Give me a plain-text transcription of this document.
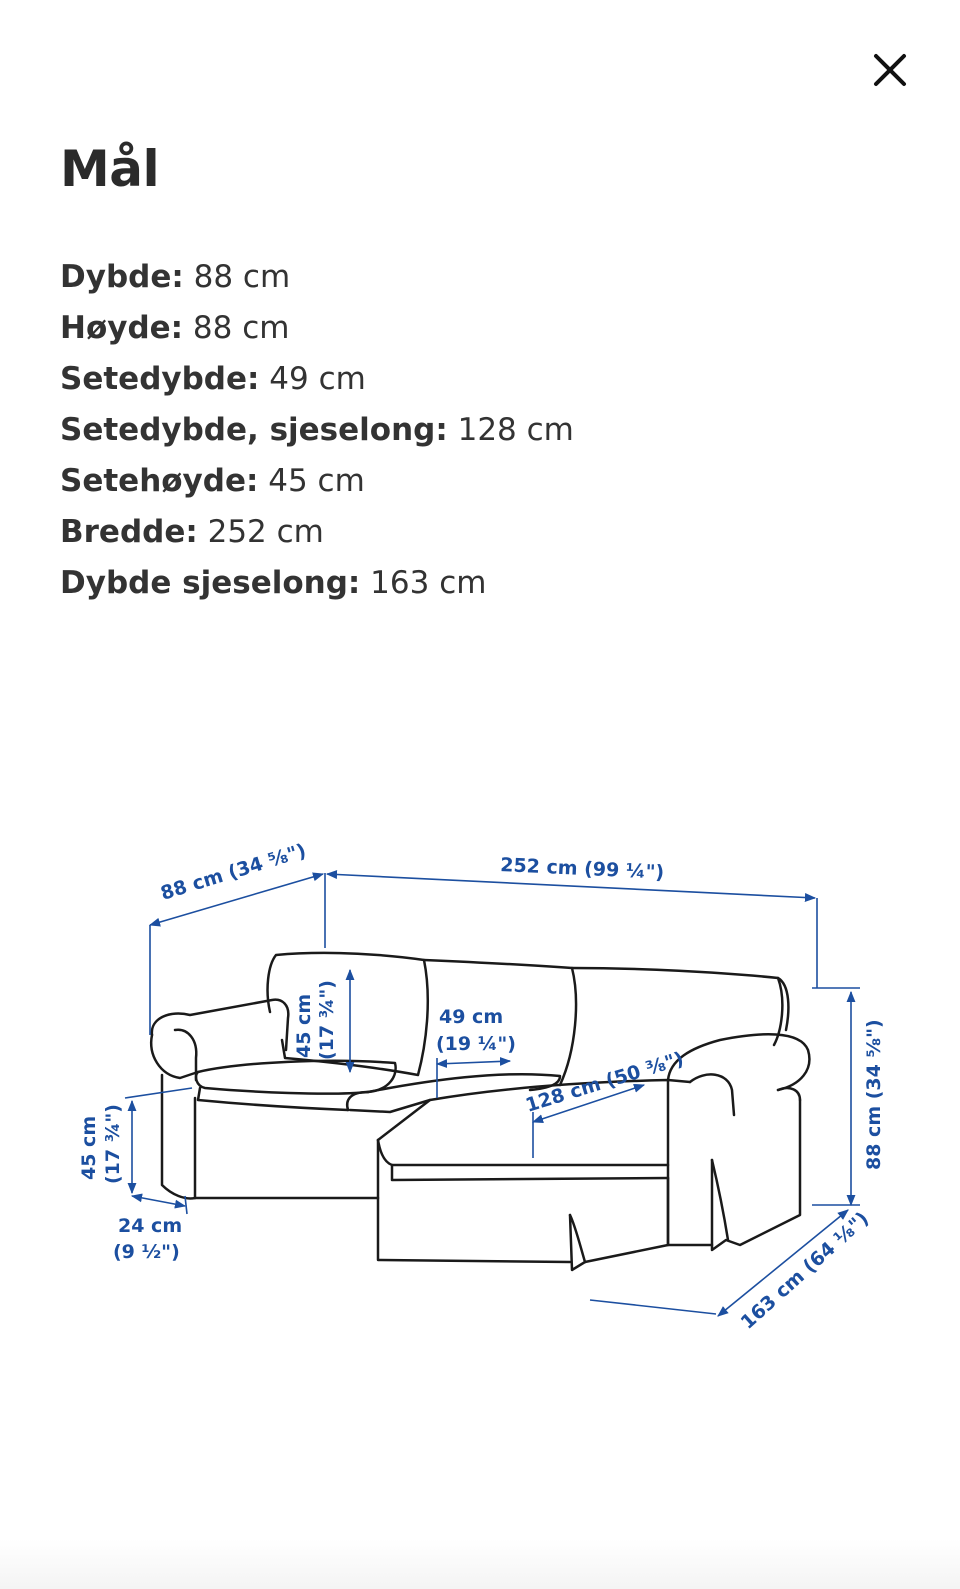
Mål
Dybde: 88 cm
Høyde: 88 cm
Setedybde: 49 cm
Setedybde, sjeselong: 128 cm
Setehøyde: 45 cm
Bredde: 252 cm
Dybde sjeselong: 163 cm
88 cm (34 ⅝")	252 cm (99 ¼")
88 cm (34 ⅝")
45 cm (17 ¾")	49 cm
(19 ¼")
128 cm (50 ⅜")
45 cm (17 ¾")
24 cm
(9 ½")	163 cm (64 ⅛")
